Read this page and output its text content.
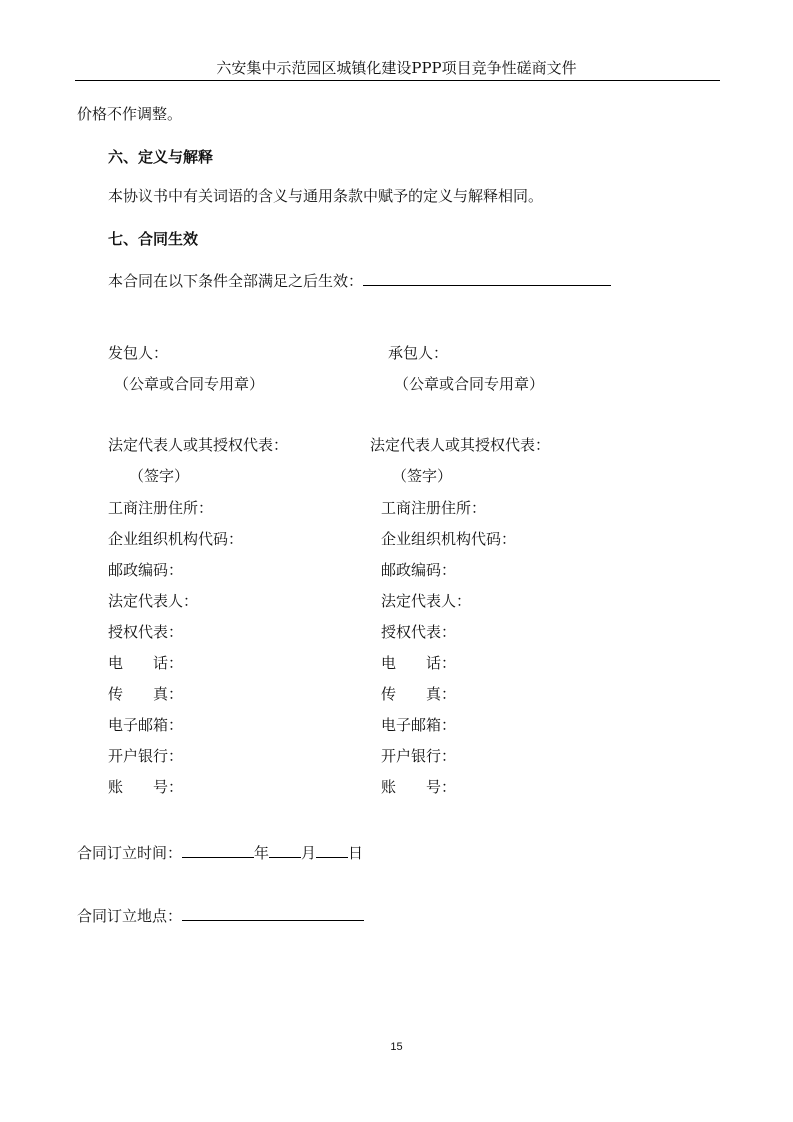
六安集中示范园区城镇化建设PPP项目竞争性磋商文件
价格不作调整。
六、定义与解释
本协议书中有关词语的含义与通用条款中赋予的定义与解释相同。
七、合同生效
本合同在以下条件全部满足之后生效：
发包人：
（公章或合同专用章）
法定代表人或其授权代表：
（签字）
工商注册住所：
企业组织机构代码：
邮政编码：
法定代表人：
授权代表：
电　　话：
传　　真：
电子邮箱：
开户银行：
账　　号：
承包人：
（公章或合同专用章）
法定代表人或其授权代表：
（签字）
工商注册住所：
企业组织机构代码：
邮政编码：
法定代表人：
授权代表：
电　　话：
传　　真：
电子邮箱：
开户银行：
账　　号：
合同订立时间：	年 月 日
合同订立地点：
15
